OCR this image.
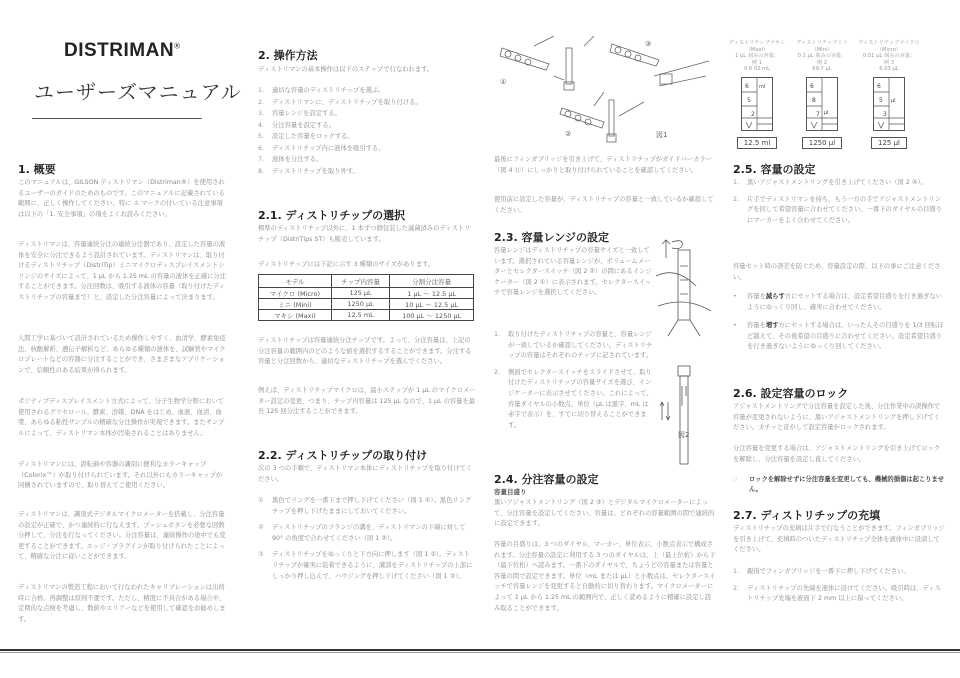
DISTRIMAN®
ユーザーズマニュアル
1. 概要

このマニュアルは、GILSON ディストリマン（Distriman®）を使用されるユーザーのガイドのためのものです。このマニュアルに記載されている範囲に、正しく操作してください。特に ⚠ マークの付いている注意事項は以下の「1. 安全事項」の項をよくお読みください。

ディストリマンは、容量連続分注の連続分注器であり、設定した容量の液体を安全に分注できるよう設計されています。ディストリマンは、取り付けるディストリチップ（DistriTip）ミニマイクロディスプレイスメントシリンジのサイズによって、1 µL から 1.25 mL の容量の液体を正確に分注することができます。分注回数は、吸引する液体の容量（取り付けたディストリチップの容量まで）と、設定した分注容量によって決まります。

人間工学に基づいて設計されているため操作しやすく、血清学、酵素免疫法、核酸解析、遺伝子解析など、あらゆる種類の液体を、試験管やマイクロプレートなどの容器に分注することができ、さまざまなアプリケーションで、信頼性のある結果が得られます。

ポジティブディスプレイスメント方式によって、分子生物学分野において使用されるグリセロール、酵素、溶媒、DNA をはじめ、血液、血清、血漿、あらゆる粘性サンプルの精確な分注操作が実現できます。またサンプルによって、ディストリマン本体が汚染されることはありません。

ディストリマンには、誤転倒や容器の識別に便利なカラーキャップ（Colorix™）が取り付けられています。それ以外にもカラーキャップが同梱されていますので、取り替えてご使用ください。

ディストリマンは、識別式デジタルマイクロメーターを搭載し、分注容量の設定が正確で、かつ連続的に行なえます。プッシュボタンを必要な回数分押して、分注を行なってください。分注容量は、連続操作の途中でも変更することができます。エッジ・プラグインが取り付けられたことによって、精確な分注に従いこどができます。

ディストリマンの製造工程において行なわれたキャリブレーションは出荷時に合格。再調整は原則不要です。ただし、精度に不具合がある場合や、定期的な点検を考慮し、数値やエリアーなどを使用して確認をお勧めします。

2. 操作方法

ディストリマンの基本操作は以下のステップで行なわれます。

1.	適切な容量のディストリチップを選ぶ。
2.	ディストリマンに、ディストリチップを取り付ける。
3.	容量レンジを設定する。
4.	分注容量を設定する。
5.	設定した容量をロックする。
6.	ディストリチップ内に液体を吸引する。
7.	液体を分注する。
8.	ディストリチップを取り外す。
2.1. ディストリチップの選択

標準のディストリチップ以外に、1 本ずつ個包装した滅菌済みのディストリチップ（DistriTips ST）も販売しています。

ディストリチップには下記に示す 3 種類のサイズがあります。

モデル	チップ内容量	分割分注容量
マイクロ (Micro)	125 µL	1 µL 〜 12.5 µL
ミニ (Mini)	1250 µL	10 µL 〜 12.5 µL
マキシ (Maxi)	12.5 mL	100 µL 〜 1250 µL

ディストリチップは容量連続分注チップです。よって、分注容量は、上記の分注容量の範囲内のどのような値を選択するすることができます。分注する容量と分注回数から、適切なディストリチップを選んでください。

例えば、ディストリチップマイクロは、最小ステップが 1 μL のマイクロメーター設定の変更、つまり、チップ内容量は 125 μL なので、1 μL の容量を最長 125 回分注することができます。

2.2. ディストリチップの取り付け

次の 3 つの手順で、ディストリマン本体にディストリチップを取り付けてください。

①	黒色でリングを一番下まで押し下げてください（図 1 ①）。黒色リングチップを押し下げたままにしておいてください。
②	ディストリチップのフランジの溝を、ディストリマンの下端に対して 90° の角度で合わせてください（図 1 ②）。
③	ディストリチップをゆっくりと下方向に押します（図 1 ③）。ディストリチップが確実に装着できるように、溝部をディストリチップの上部にしっかり押し込んで、ハウジングを押し下げてください（図 1 ③）。
①
②
③
図1

最後にフィンガブリッジを引き上げて、ディストリチップがガイドバーカラー（図 4 ⑪）にしっかりと取り付けられていることを確認してください。

使用前に設定した容量が、ディストリチップの容量と一致しているか確認してください。

2.3. 容量レンジの設定

容量レンジはディストリチップの容量サイズと一致しています。選択されている容量レンジが、ボリュームメーターとセレクタースイッチ（図 2 ②）の間にあるインジケーター（図 2 ①）に表示されます。セレクタースイッチで容量レンジを選択してください。

1.	取り付けたディストリチップの容量と、容量レンジが一致しているか確認してください。ディストリチップの容量はそれぞれのチップに記されています。
2.	側面でセレクタースイッチをスライドさせて、取り付けたディストリチップの容量サイズを選び、インジケーターに表示させてください。これによって、容量ダイヤルの小数点、単位（µL は黒字、mL は赤字で表示）を、すでに切り替えることができます。
図2
2.4. 分注容量の設定
容量目盛り

黒いアジャストメントリング（図 2 ③）とデジタルマイクロメーターによって、分注容量を設定してください。容量は、どれぞれの容量範囲の間で連続的に設定できます。

容量の目盛りは、3 つのダイヤル、マーカー、単位表示、小数点表示で構成されます。分注容量の設定に利用する 3 つのダイヤルは、上（最上位桁）から下（最下位桁）へ読みます。一番下のダイヤルで、ちょうどの容量または容量と容量の間で設定できます。単位（mL または µL）と小数点は、セレクタースイッチで容量レンジを変更すると自動的に切り替わります。マイクロメーターによって 1 µL から 1.25 mL の範囲内で、正しく読めるように精確に設定し読み取ることができます。

ディストリチップマキシ
（Maxi）
1 µL 刻みの容量：
例 1
0.6 02 mL
6
5
2
ml
12.5 ml
ディストリチップミニ
（Mini）
0.1 µL 刻みの容量：
例 2
69.7 µL
6
8
7 µl
1250 µl
ディストリチップマイクロ
（Micro）
0.01 µL 刻みの容量：
例 3
6.03 µL
6
5
3
µl
125 µl
2.5. 容量の設定
1.	黒いアジャストメントリングを引き上げてください（図 2 ④）。
2.	片手でディストリマンを持ち、もう一方の手でアジャストメントリングを回して希望容量に合わせてください。一番下のダイヤルの目盛りにマーカーをよく合わせてください。

容量セット時の誤差を防ぐため、容量設定の際、以下の事にご注意ください。

•	容量を減らす方にセットする場合は、設定希望目盛りを行き過ぎないようにゆっくり回し、確実に合わせてください。
•	容量を増す方にセットする場合は、いったんその目盛りを 1/3 回転ほど越えて、その後希望の目盛りに合わせてください。設定希望目盛りを行き過ぎないようにゆっくり回してください。
2.6. 設定容量のロック

アジャストメントリングで分注容量を設定した後、分注作業中の誤操作で容量が変更されないように、黒いアジャストメントリングを押し下げてください。カチッと音がして設定容量がロックされます。

分注容量を変更する場合は、アジャストメントリングを引き上げてロックを解除し、分注容量を設定し直してください。

☞	ロックを解除せずに分注容量を変更しても、機械的損傷は起こりません。
2.7. ディストリチップの充填

ディストリチップの充填は片手で行なうことができます。フィンガブリッジを引き上げて、充填時のついたディストリチップ全体を液体中に浸漬してください。

1.	親指でフィンガブリッジを一番下に押し下げてください。
2.	ディストリチップの先端を液体に浸けてください。吸引時は、ディストリチップ先端を液面下 2 mm 以上に保ってください。
